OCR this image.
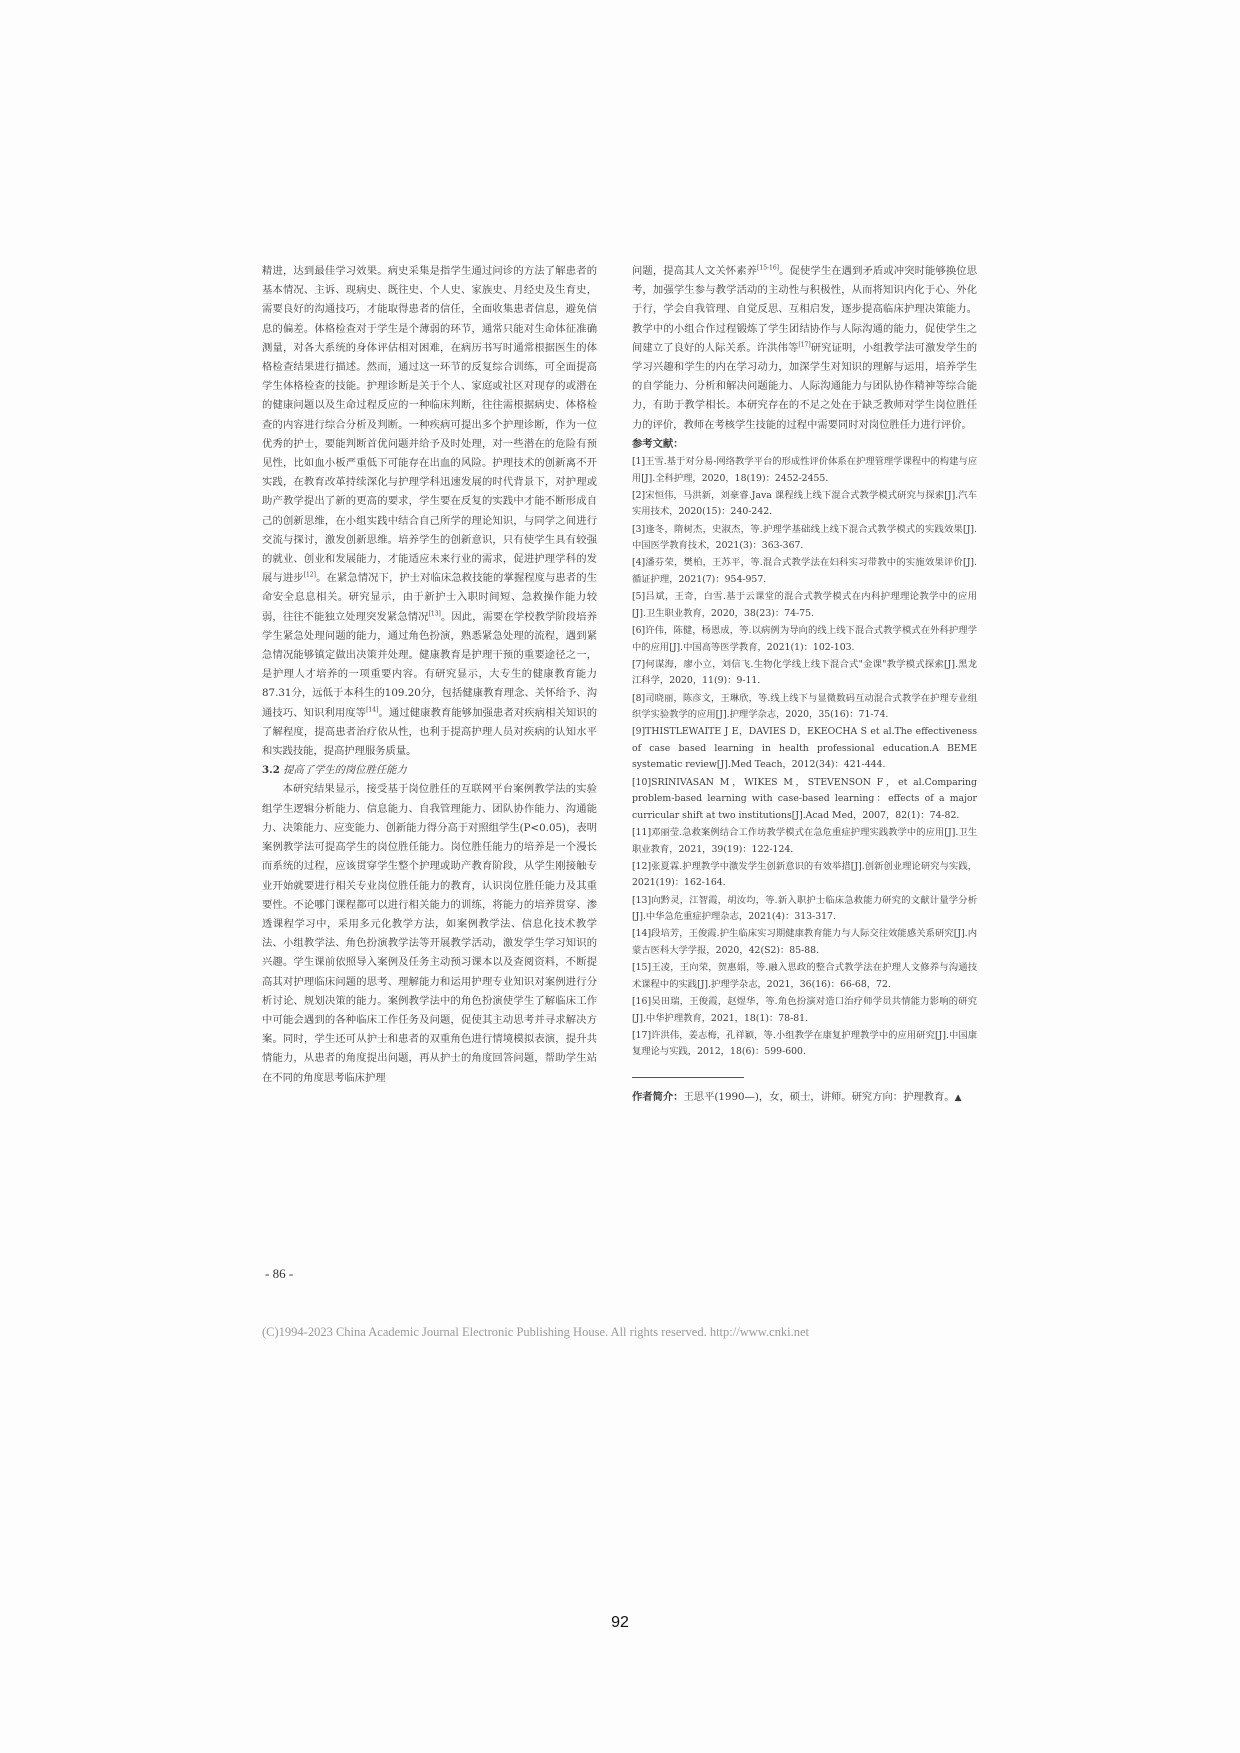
精进，达到最佳学习效果。病史采集是指学生通过问诊的方法了解患者的基本情况、主诉、现病史、既往史、个人史、家族史、月经史及生育史，需要良好的沟通技巧，才能取得患者的信任，全面收集患者信息，避免信息的偏差。体格检查对于学生是个薄弱的环节，通常只能对生命体征准确测量，对各大系统的身体评估相对困难，在病历书写时通常根据医生的体格检查结果进行描述。然而，通过这一环节的反复综合训练，可全面提高学生体格检查的技能。护理诊断是关于个人、家庭或社区对现存的或潜在的健康问题以及生命过程反应的一种临床判断，往往需根据病史、体格检查的内容进行综合分析及判断。一种疾病可提出多个护理诊断，作为一位优秀的护士，要能判断首优问题并给予及时处理，对一些潜在的危险有预见性，比如血小板严重低下可能存在出血的风险。护理技术的创新离不开实践，在教育改革持续深化与护理学科迅速发展的时代背景下，对护理或助产教学提出了新的更高的要求，学生要在反复的实践中才能不断形成自己的创新思维，在小组实践中结合自己所学的理论知识，与同学之间进行交流与探讨，激发创新思维。培养学生的创新意识，只有使学生具有较强的就业、创业和发展能力，才能适应未来行业的需求，促进护理学科的发展与进步[12]。在紧急情况下，护士对临床急救技能的掌握程度与患者的生命安全息息相关。研究显示，由于新护士入职时间短、急救操作能力较弱，往往不能独立处理突发紧急情况[13]。因此，需要在学校教学阶段培养学生紧急处理问题的能力，通过角色扮演，熟悉紧急处理的流程，遇到紧急情况能够镇定做出决策并处理。健康教育是护理干预的重要途径之一，是护理人才培养的一项重要内容。有研究显示，大专生的健康教育能力87.31分，远低于本科生的109.20分，包括健康教育理念、关怀给予、沟通技巧、知识利用度等[14]。通过健康教育能够加强患者对疾病相关知识的了解程度，提高患者治疗依从性，也利于提高护理人员对疾病的认知水平和实践技能，提高护理服务质量。

3.2 提高了学生的岗位胜任能力

本研究结果显示，接受基于岗位胜任的互联网平台案例教学法的实验组学生逻辑分析能力、信息能力、自我管理能力、团队协作能力、沟通能力、决策能力、应变能力、创新能力得分高于对照组学生(P<0.05)，表明案例教学法可提高学生的岗位胜任能力。岗位胜任能力的培养是一个漫长而系统的过程，应该贯穿学生整个护理或助产教育阶段，从学生刚接触专业开始就要进行相关专业岗位胜任能力的教育，认识岗位胜任能力及其重要性。不论哪门课程都可以进行相关能力的训练，将能力的培养贯穿、渗透课程学习中，采用多元化教学方法，如案例教学法、信息化技术教学法、小组教学法、角色扮演教学法等开展教学活动，激发学生学习知识的兴趣。学生课前依照导入案例及任务主动预习课本以及查阅资料，不断提高其对护理临床问题的思考、理解能力和运用护理专业知识对案例进行分析讨论、规划决策的能力。案例教学法中的角色扮演使学生了解临床工作中可能会遇到的各种临床工作任务及问题，促使其主动思考并寻求解决方案。同时，学生还可从护士和患者的双重角色进行情境模拟表演，提升共情能力，从患者的角度提出问题，再从护士的角度回答问题，帮助学生站在不同的角度思考临床护理

问题，提高其人文关怀素养[15-16]。促使学生在遇到矛盾或冲突时能够换位思考，加强学生参与教学活动的主动性与积极性，从而将知识内化于心、外化于行，学会自我管理、自觉反思、互相启发，逐步提高临床护理决策能力。教学中的小组合作过程锻炼了学生团结协作与人际沟通的能力，促使学生之间建立了良好的人际关系。许洪伟等[17]研究证明，小组教学法可激发学生的学习兴趣和学生的内在学习动力，加深学生对知识的理解与运用，培养学生的自学能力、分析和解决问题能力、人际沟通能力与团队协作精神等综合能力，有助于教学相长。本研究存在的不足之处在于缺乏教师对学生岗位胜任力的评价，教师在考核学生技能的过程中需要同时对岗位胜任力进行评价。

参考文献：

[1]王雪.基于对分易-网络教学平台的形成性评价体系在护理管理学课程中的构建与应用[J].全科护理，2020，18(19)：2452-2455.
[2]宋恒伟，马洪新，刘豪睿.Java 课程线上线下混合式教学模式研究与探索[J].汽车实用技术，2020(15)：240-242.
[3]逢冬，隋树杰，史淑杰，等.护理学基础线上线下混合式教学模式的实践效果[J].中国医学教育技术，2021(3)：363-367.
[4]潘芬荣，樊柏，王苏平，等.混合式教学法在妇科实习带教中的实施效果评价[J].循证护理，2021(7)：954-957.
[5]吕斌，王奇，白雪.基于云课堂的混合式教学模式在内科护理理论教学中的应用[J].卫生职业教育，2020，38(23)：74-75.
[6]许伟，陈健，杨恩成，等.以病例为导向的线上线下混合式教学模式在外科护理学中的应用[J].中国高等医学教育，2021(1)：102-103.
[7]何谋海，廖小立，刘信飞.生物化学线上线下混合式"金课"教学模式探索[J].黑龙江科学，2020，11(9)：9-11.
[8]司晓丽，陈彦文，王琳欣，等.线上线下与显微数码互动混合式教学在护理专业组织学实验教学的应用[J].护理学杂志，2020，35(16)：71-74.
[9]THISTLEWAITE J E，DAVIES D，EKEOCHA S et al.The effectiveness of case based learning in health professional education.A BEME systematic review[J].Med Teach，2012(34)：421-444.
[10]SRINIVASAN M，WIKES M，STEVENSON F，et al.Comparing problem-based learning with case-based learning：effects of a major curricular shift at two institutions[J].Acad Med，2007，82(1)：74-82.
[11]邓丽莹.急救案例结合工作坊教学模式在急危重症护理实践教学中的应用[J].卫生职业教育，2021，39(19)：122-124.
[12]张夏霖.护理教学中激发学生创新意识的有效举措[J].创新创业理论研究与实践，2021(19)：162-164.
[13]向黔灵，江智霞，胡汝均，等.新入职护士临床急救能力研究的文献计量学分析[J].中华急危重症护理杂志，2021(4)：313-317.
[14]段培芳，王俊霞.护生临床实习期健康教育能力与人际交往效能感关系研究[J].内蒙古医科大学学报，2020，42(S2)：85-88.
[15]王凌，王向荣，贺惠娟，等.融入思政的整合式教学法在护理人文修养与沟通技术课程中的实践[J].护理学杂志，2021，36(16)：66-68，72.
[16]吴田瑞，王俊霞，赵煜华，等.角色扮演对造口治疗师学员共情能力影响的研究[J].中华护理教育，2021，18(1)：78-81.
[17]许洪伟，姜志梅，孔祥颖，等.小组教学在康复护理教学中的应用研究[J].中国康复理论与实践，2012，18(6)：599-600.

作者简介：王思平(1990—)，女，硕士，讲师。研究方向：护理教育。▲

- 86 -
(C)1994-2023 China Academic Journal Electronic Publishing House. All rights reserved. http://www.cnki.net
92
